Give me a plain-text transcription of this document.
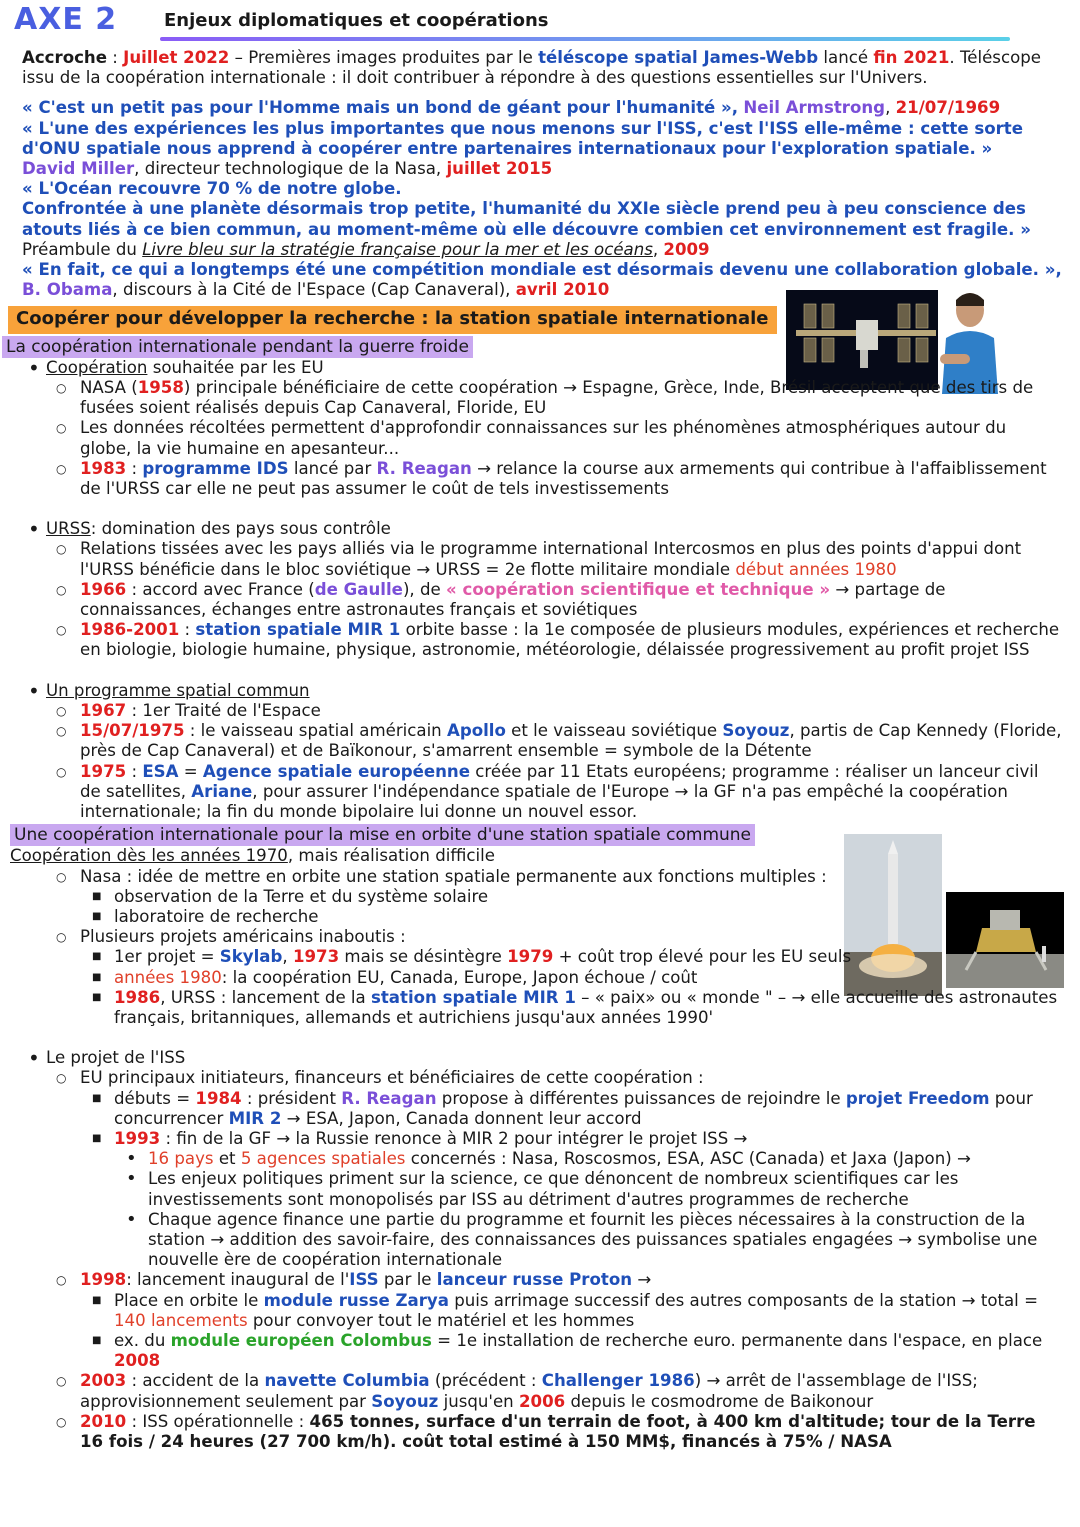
AXE 2	Enjeux diplomatiques et coopérations

Accroche : Juillet 2022 – Premières images produites par le téléscope spatial James-Webb lancé fin 2021. Téléscope issu de la coopération internationale : il doit contribuer à répondre à des questions essentielles sur l'Univers.

« C'est un petit pas pour l'Homme mais un bond de géant pour l'humanité », Neil Armstrong, 21/07/1969

« L'une des expériences les plus importantes que nous menons sur l'ISS, c'est l'ISS elle-même : cette sorte d'ONU spatiale nous apprend à coopérer entre partenaires internationaux pour l'exploration spatiale. »

David Miller, directeur technologique de la Nasa, juillet 2015

« L'Océan recouvre 70 % de notre globe.

Confrontée à une planète désormais trop petite, l'humanité du XXIe siècle prend peu à peu conscience des atouts liés à ce bien commun, au moment-même où elle découvre combien cet environnement est fragile. »

Préambule du Livre bleu sur la stratégie française pour la mer et les océans, 2009

« En fait, ce qui a longtemps été une compétition mondiale est désormais devenu une collaboration globale. »,

B. Obama, discours à la Cité de l'Espace (Cap Canaveral), avril 2010

Coopérer pour développer la recherche : la station spatiale internationale
La coopération internationale pendant la guerre froide
• Coopération souhaitée par les EU
○ NASA (1958) principale bénéficiaire de cette coopération → Espagne, Grèce, Inde, Brésil acceptent que des tirs de fusées soient réalisés depuis Cap Canaveral, Floride, EU
○ Les données récoltées permettent d'approfondir connaissances sur les phénomènes atmosphériques autour du globe, la vie humaine en apesanteur...
○ 1983 : programme IDS lancé par R. Reagan → relance la course aux armements qui contribue à l'affaiblissement de l'URSS car elle ne peut pas assumer le coût de tels investissements
• URSS: domination des pays sous contrôle
○ Relations tissées avec les pays alliés via le programme international Intercosmos en plus des points d'appui dont l'URSS bénéficie dans le bloc soviétique → URSS = 2e flotte militaire mondiale début années 1980
○ 1966 : accord avec France (de Gaulle), de « coopération scientifique et technique » → partage de connaissances, échanges entre astronautes français et soviétiques
○ 1986-2001 : station spatiale MIR 1 orbite basse : la 1e composée de plusieurs modules, expériences et recherche en biologie, biologie humaine, physique, astronomie, météorologie, délaissée progressivement au profit projet ISS
• Un programme spatial commun
○ 1967 : 1er Traité de l'Espace
○ 15/07/1975 : le vaisseau spatial américain Apollo et le vaisseau soviétique Soyouz, partis de Cap Kennedy (Floride, près de Cap Canaveral) et de Baïkonour, s'amarrent ensemble = symbole de la Détente
○ 1975 : ESA = Agence spatiale européenne créée par 11 Etats européens; programme : réaliser un lanceur civil de satellites, Ariane, pour assurer l'indépendance spatiale de l'Europe → la GF n'a pas empêché la coopération internationale; la fin du monde bipolaire lui donne un nouvel essor.
Une coopération internationale pour la mise en orbite d'une station spatiale commune

Coopération dès les années 1970, mais réalisation difficile

○ Nasa : idée de mettre en orbite une station spatiale permanente aux fonctions multiples :
■ observation de la Terre et du système solaire
■ laboratoire de recherche
○ Plusieurs projets américains inaboutis :
■ 1er projet = Skylab, 1973 mais se désintègre 1979 + coût trop élevé pour les EU seuls
■ années 1980: la coopération EU, Canada, Europe, Japon échoue / coût
■ 1986, URSS : lancement de la station spatiale MIR 1 – « paix» ou « monde " – → elle accueille des astronautes français, britanniques, allemands et autrichiens jusqu'aux années 1990'
• Le projet de l'ISS
○ EU principaux initiateurs, financeurs et bénéficiaires de cette coopération :
■ débuts = 1984 : président R. Reagan propose à différentes puissances de rejoindre le projet Freedom pour concurrencer MIR 2 → ESA, Japon, Canada donnent leur accord
■ 1993 : fin de la GF → la Russie renonce à MIR 2 pour intégrer le projet ISS →
• 16 pays et 5 agences spatiales concernés : Nasa, Roscosmos, ESA, ASC (Canada) et Jaxa (Japon) →
• Les enjeux politiques priment sur la science, ce que dénoncent de nombreux scientifiques car les investissements sont monopolisés par ISS au détriment d'autres programmes de recherche
• Chaque agence finance une partie du programme et fournit les pièces nécessaires à la construction de la station → addition des savoir-faire, des connaissances des puissances spatiales engagées → symbolise une nouvelle ère de coopération internationale
○ 1998: lancement inaugural de l'ISS par le lanceur russe Proton →
■ Place en orbite le module russe Zarya puis arrimage successif des autres composants de la station → total = 140 lancements pour convoyer tout le matériel et les hommes
■ ex. du module européen Colombus = 1e installation de recherche euro. permanente dans l'espace, en place 2008
○ 2003 : accident de la navette Columbia (précédent : Challenger 1986) → arrêt de l'assemblage de l'ISS; approvisionnement seulement par Soyouz jusqu'en 2006 depuis le cosmodrome de Baikonour
○ 2010 : ISS opérationnelle : 465 tonnes, surface d'un terrain de foot, à 400 km d'altitude; tour de la Terre 16 fois / 24 heures (27 700 km/h). coût total estimé à 150 MM$, financés à 75% / NASA
